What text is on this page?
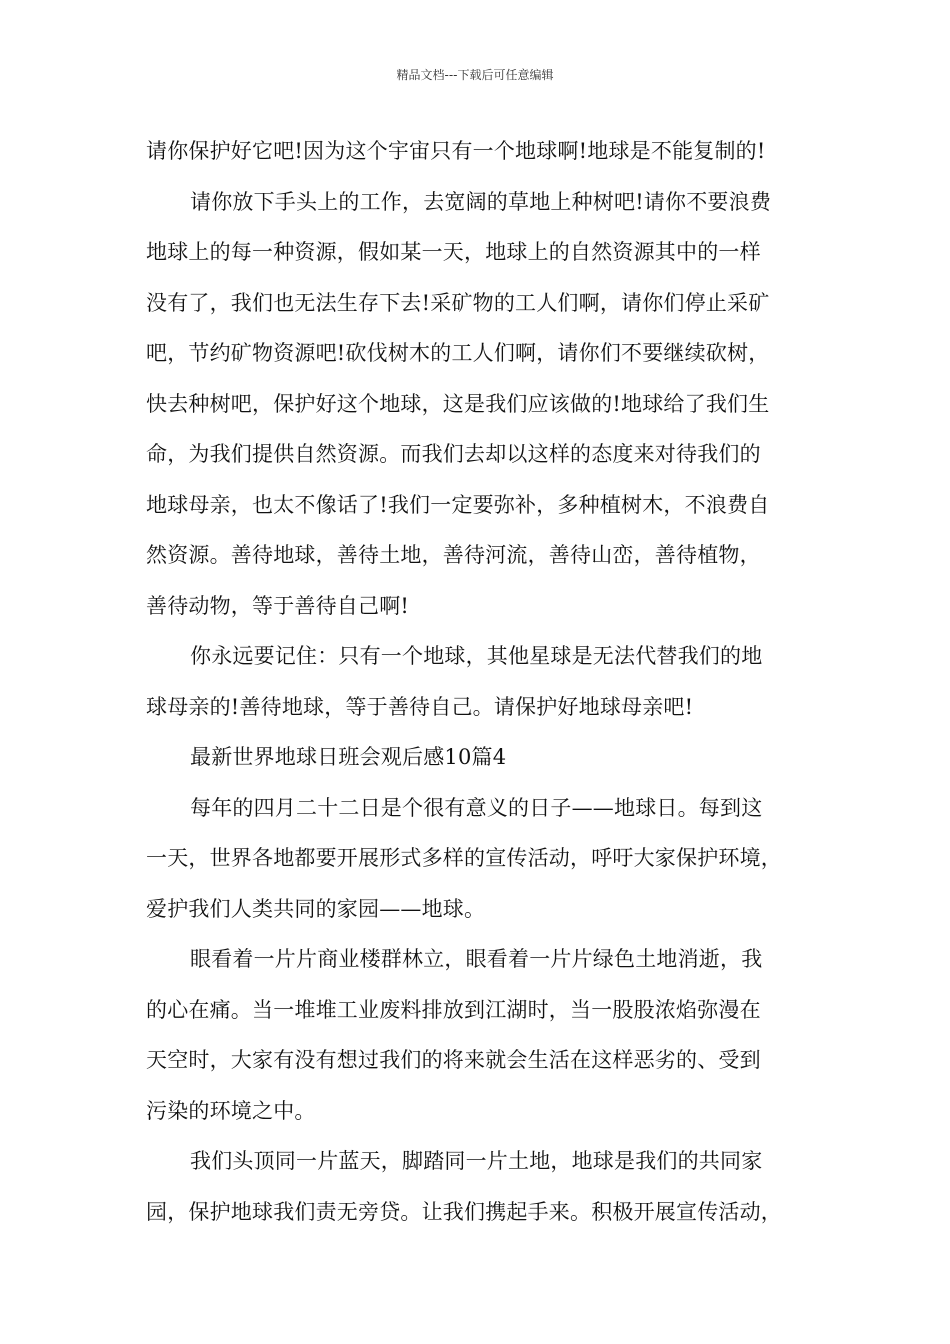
精品文档---下载后可任意编辑
请你保护好它吧!因为这个宇宙只有一个地球啊!地球是不能复制的!
请你放下手头上的工作，去宽阔的草地上种树吧!请你不要浪费
地球上的每一种资源，假如某一天，地球上的自然资源其中的一样
没有了，我们也无法生存下去!采矿物的工人们啊，请你们停止采矿
吧，节约矿物资源吧!砍伐树木的工人们啊，请你们不要继续砍树，
快去种树吧，保护好这个地球，这是我们应该做的!地球给了我们生
命，为我们提供自然资源。而我们去却以这样的态度来对待我们的
地球母亲，也太不像话了!我们一定要弥补，多种植树木，不浪费自
然资源。善待地球，善待土地，善待河流，善待山峦，善待植物，
善待动物，等于善待自己啊!
你永远要记住：只有一个地球，其他星球是无法代替我们的地
球母亲的!善待地球，等于善待自己。请保护好地球母亲吧!
最新世界地球日班会观后感10篇4
每年的四月二十二日是个很有意义的日子——地球日。每到这
一天，世界各地都要开展形式多样的宣传活动，呼吁大家保护环境，
爱护我们人类共同的家园——地球。
眼看着一片片商业楼群林立，眼看着一片片绿色土地消逝，我
的心在痛。当一堆堆工业废料排放到江湖时，当一股股浓焰弥漫在
天空时，大家有没有想过我们的将来就会生活在这样恶劣的、受到
污染的环境之中。
我们头顶同一片蓝天，脚踏同一片土地，地球是我们的共同家
园，保护地球我们责无旁贷。让我们携起手来。积极开展宣传活动，
